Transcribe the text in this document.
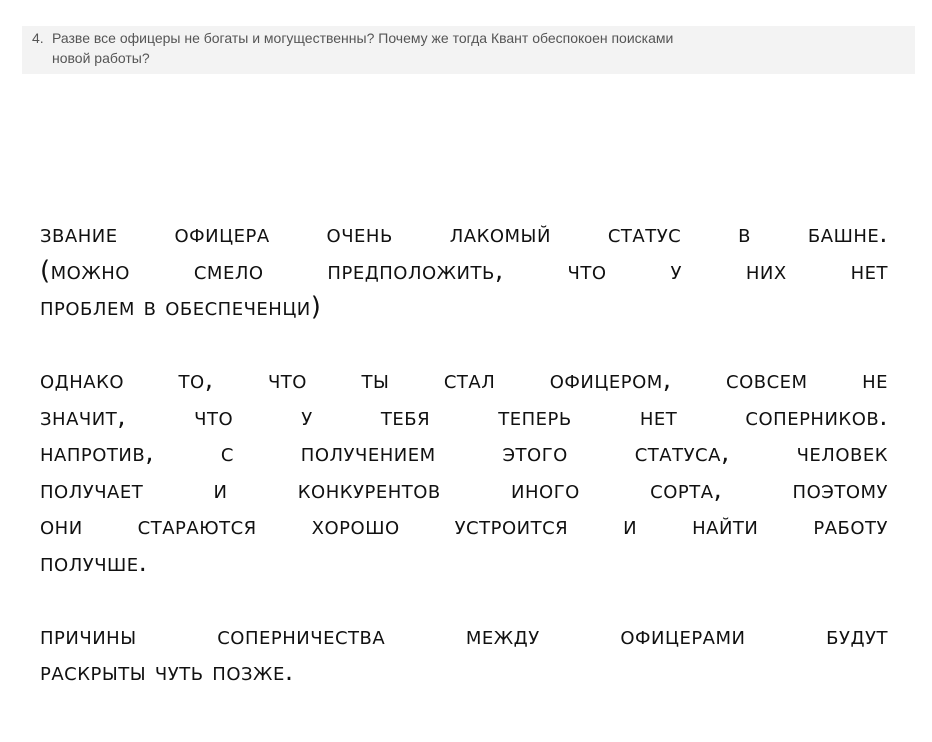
4. Разве все офицеры не богаты и могущественны? Почему же тогда Квант обеспокоен поисками
новой работы?
звание офицера очень лакомый статус в башне.
(можно смело предположить, что у них нет
проблем в обеспеченци)
однако то, что ты стал офицером, совсем не
значит, что у тебя теперь нет соперников.
напротив, с получением этого статуса, человек
получает и конкурентов иного сорта, поэтому
они стараются хорошо устроится и найти работу
получше.
причины соперничества между офицерами будут
раскрыты чуть позже.
